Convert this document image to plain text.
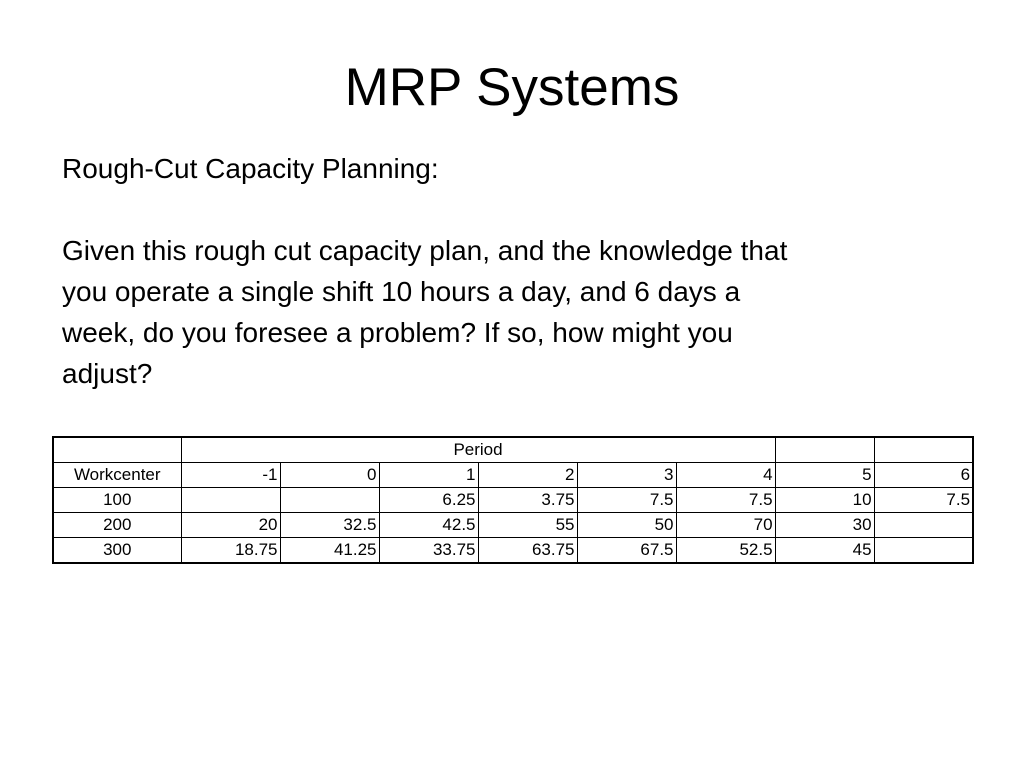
MRP Systems
Rough-Cut Capacity Planning:
Given this rough cut capacity plan, and the knowledge that
you operate a single shift 10 hours a day, and 6 days a
week, do you foresee a problem? If so, how might you
adjust?
	Period							
Workcenter	-1	0	1	2	3	4	5	6
100			6.25	3.75	7.5	7.5	10	7.5
200	20	32.5	42.5	55	50	70	30	
300	18.75	41.25	33.75	63.75	67.5	52.5	45	
